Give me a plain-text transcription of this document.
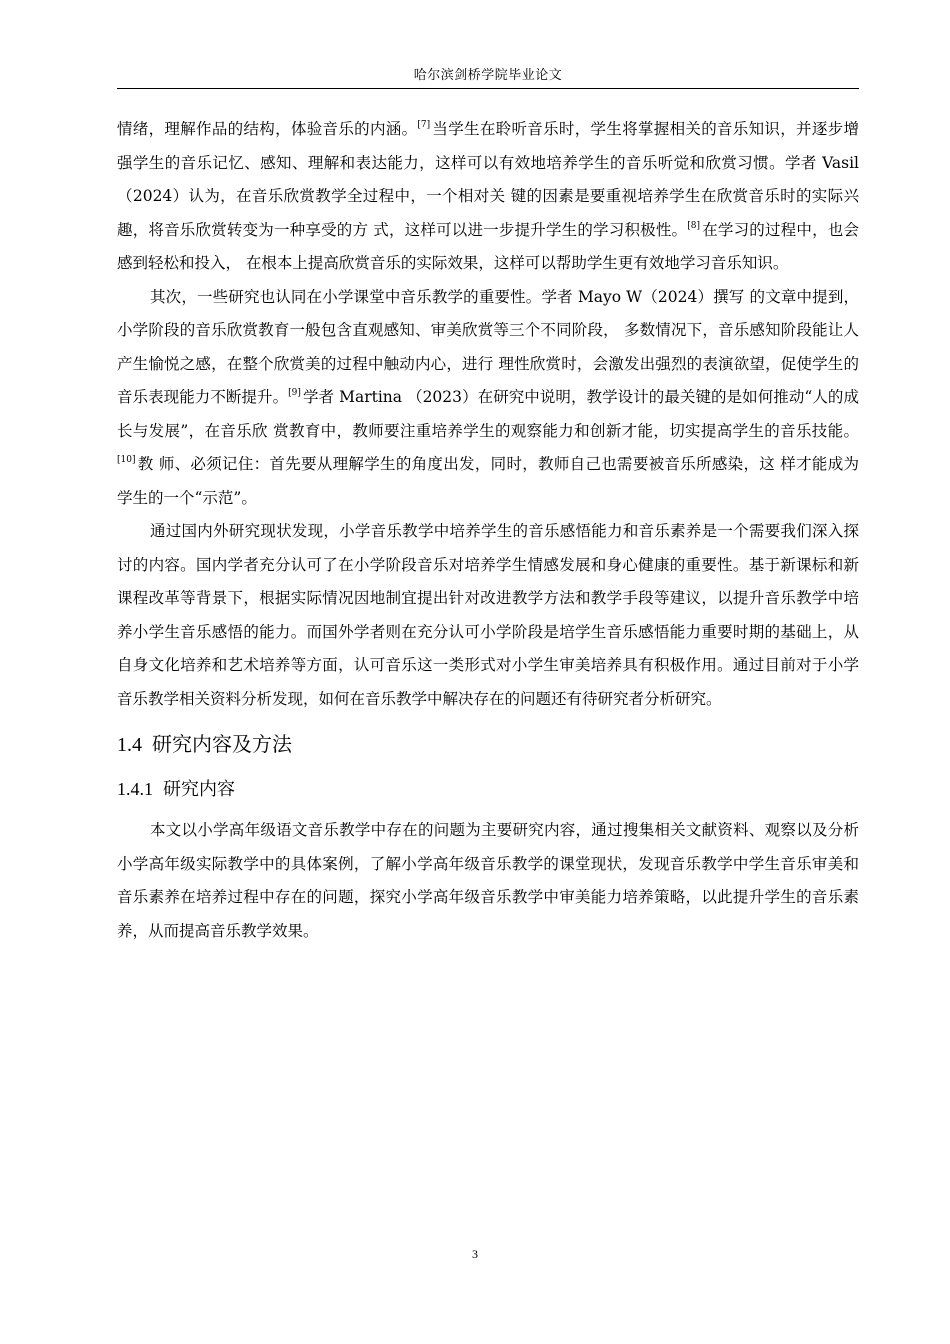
哈尔滨剑桥学院毕业论文

情绪，理解作品的结构，体验音乐的内涵。[7] 当学生在聆听音乐时，学生将掌握相关的音乐知识，并逐步增强学生的音乐记忆、感知、理解和表达能力，这样可以有效地培养学生的音乐听觉和欣赏习惯。学者 Vasil（2024）认为，在音乐欣赏教学全过程中，一个相对关 键的因素是要重视培养学生在欣赏音乐时的实际兴趣，将音乐欣赏转变为一种享受的方 式，这样可以进一步提升学生的学习积极性。[8] 在学习的过程中，也会感到轻松和投入， 在根本上提高欣赏音乐的实际效果，这样可以帮助学生更有效地学习音乐知识。

其次，一些研究也认同在小学课堂中音乐教学的重要性。学者 Mayo W（2024）撰写 的文章中提到，小学阶段的音乐欣赏教育一般包含直观感知、审美欣赏等三个不同阶段， 多数情况下，音乐感知阶段能让人产生愉悦之感，在整个欣赏美的过程中触动内心，进行 理性欣赏时，会激发出强烈的表演欲望，促使学生的音乐表现能力不断提升。[9] 学者 Martina （2023）在研究中说明，教学设计的最关键的是如何推动“人的成长与发展”，在音乐欣 赏教育中，教师要注重培养学生的观察能力和创新才能，切实提高学生的音乐技能。[10] 教 师、必须记住：首先要从理解学生的角度出发，同时，教师自己也需要被音乐所感染，这 样才能成为学生的一个“示范”。

通过国内外研究现状发现，小学音乐教学中培养学生的音乐感悟能力和音乐素养是一个需要我们深入探讨的内容。国内学者充分认可了在小学阶段音乐对培养学生情感发展和身心健康的重要性。基于新课标和新课程改革等背景下，根据实际情况因地制宜提出针对改进教学方法和教学手段等建议，以提升音乐教学中培养小学生音乐感悟的能力。而国外学者则在充分认可小学阶段是培学生音乐感悟能力重要时期的基础上，从自身文化培养和艺术培养等方面，认可音乐这一类形式对小学生审美培养具有积极作用。通过目前对于小学音乐教学相关资料分析发现，如何在音乐教学中解决存在的问题还有待研究者分析研究。

1.4 研究内容及方法
1.4.1 研究内容

本文以小学高年级语文音乐教学中存在的问题为主要研究内容，通过搜集相关文献资料、观察以及分析小学高年级实际教学中的具体案例，了解小学高年级音乐教学的课堂现状，发现音乐教学中学生音乐审美和音乐素养在培养过程中存在的问题，探究小学高年级音乐教学中审美能力培养策略，以此提升学生的音乐素养，从而提高音乐教学效果。

3
